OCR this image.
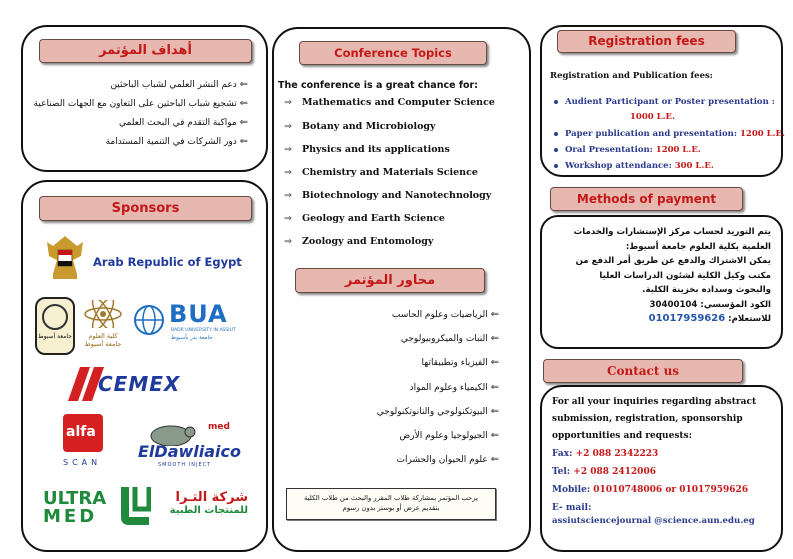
أهداف المؤتمر
⇐ دعم النشر العلمي لشباب الباحثين
⇐ تشجيع شباب الباحثين على التعاون مع الجهات الصناعية
⇐ مواكبة التقدم في البحث العلمي
⇐ دور الشركات في التنمية المستدامة
Sponsors
Arab Republic of Egypt
جامعة أسيوط	كلية العلوم جامعة أسيوط
BUA
BADR UNIVERSITY IN ASSIUT
جامعة بدر بأسيوط
CEMEX
alfa
SCAN
med
ElDawliaico
SMOOTH INJECT
ULTRA
MED
شركة التـرا
للمنتجات الطبية
Conference Topics
The conference is a great chance for:
⇒ Mathematics and Computer Science
⇒ Botany and Microbiology
⇒ Physics and its applications
⇒ Chemistry and Materials Science
⇒ Biotechnology and Nanotechnology
⇒ Geology and Earth Science
⇒ Zoology and Entomology
محاور المؤتمر
⇐ الرياضيات وعلوم الحاسب
⇐ النبات والميكروبيولوجي
⇐ الفيزياء وتطبيقاتها
⇐ الكيمياء وعلوم المواد
⇐ البيوتكنولوجي والنانوتكنولوجي
⇐ الجيولوجيا وعلوم الأرض
⇐ علوم الحيوان والحشرات
يرحب المؤتمر بمشاركة طلاب المقرر والبحث من طلاب الكلية
بتقديم عرض أو بوستر بدون رسوم
Registration fees
Registration and Publication fees:
Audient Participant or Poster presentation :
1000 L.E.
Paper publication and presentation: 1200 L.E.
Oral Presentation: 1200 L.E.
Workshop attendance: 300 L.E.
Methods of payment
يتم التوريد لحساب مركز الإستشارات والخدمات
العلمية بكلية العلوم جامعة أسيوط:
يمكن الاشتراك والدفع عن طريق أمر الدفع من
مكتب وكيل الكلية لشئون الدراسات العليا
والبحوث وسداده بخزينة الكلية.
الكود المؤسسي: 30400104
للاستعلام: 01017959626
Contact us
For all your inquiries regarding abstract
submission, registration, sponsorship
opportunities and requests:
Fax: +2 088 2342223
Tel: +2 088 2412006
Mobile: 01010748006 or 01017959626
E- mail:
assiutsciencejournal @science.aun.edu.eg
